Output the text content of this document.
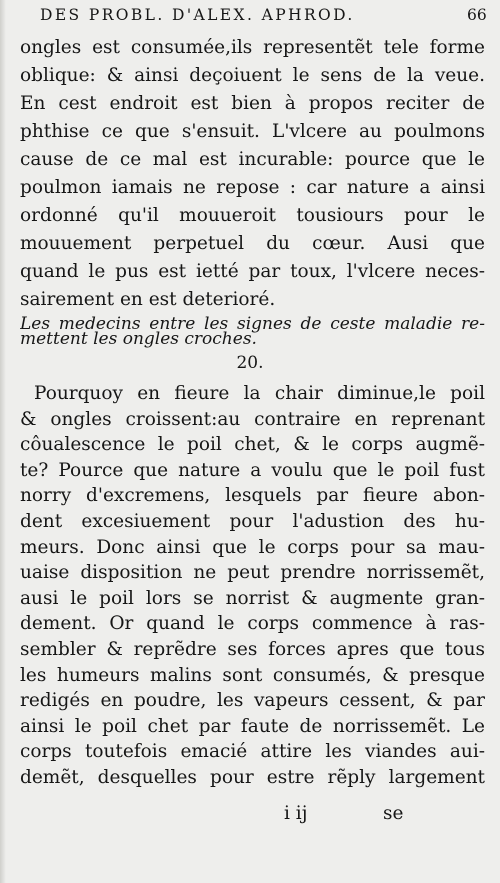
DES PROBL. D'ALEX. APHROD.	66
ongles est consumée,ils representẽt tele forme
oblique: & ainsi deçoiuent le sens de la veue.
En cest endroit est bien à propos reciter de
phthise ce que s'ensuit. L'vlcere au poulmons
cause de ce mal est incurable: pource que le
poulmon iamais ne repose : car nature a ainsi
ordonné qu'il mouueroit tousiours pour le
mouuement perpetuel du cœur. Ausi que
quand le pus est ietté par toux, l'vlcere neces-
sairement en est deterioré.
Les medecins entre les signes de ceste maladie re-
mettent les ongles croches.
20.
Pourquoy en fieure la chair diminue,le poil
& ongles croissent:au contraire en reprenant
côualescence le poil chet, & le corps augmẽ-
te? Pource que nature a voulu que le poil fust
norry d'excremens, lesquels par fieure abon-
dent excesiuement pour l'adustion des hu-
meurs. Donc ainsi que le corps pour sa mau-
uaise disposition ne peut prendre norrissemẽt,
ausi le poil lors se norrist & augmente gran-
dement. Or quand le corps commence à ras-
sembler & reprẽdre ses forces apres que tous
les humeurs malins sont consumés, & presque
redigés en poudre, les vapeurs cessent, & par
ainsi le poil chet par faute de norrissemẽt. Le
corps toutefois emacié attire les viandes aui-
demẽt, desquelles pour estre rẽply largement
i ij	se
